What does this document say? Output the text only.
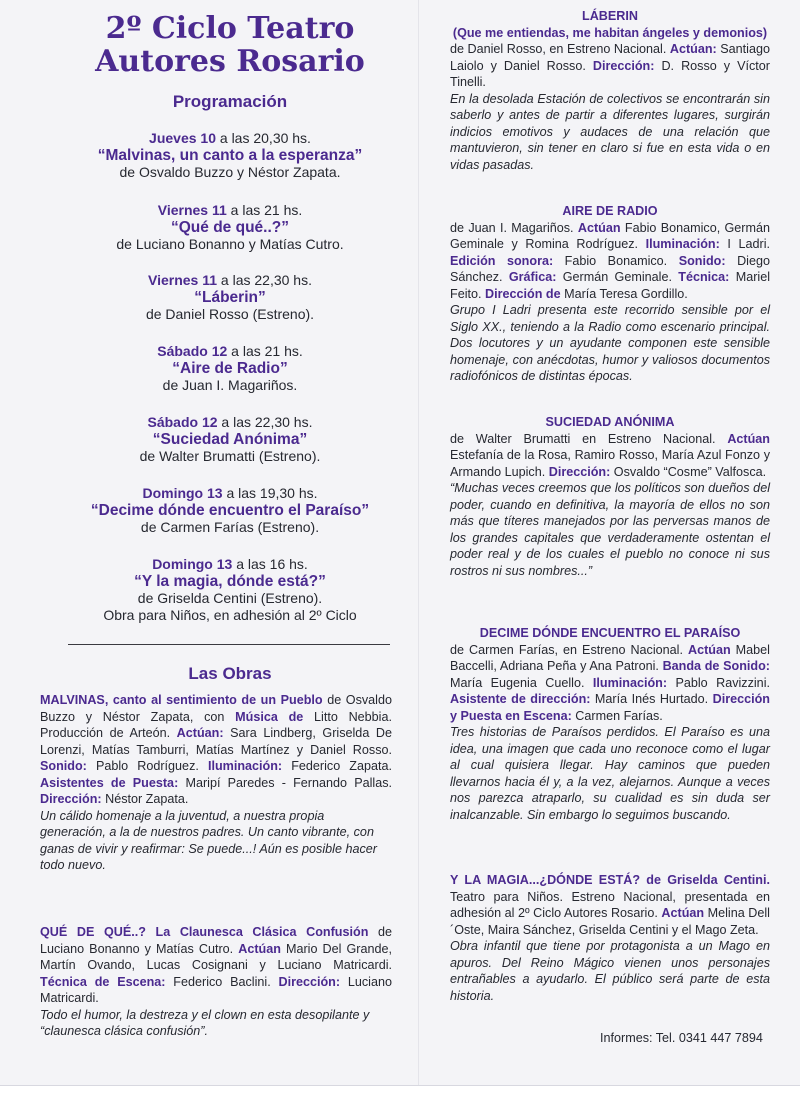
2º Ciclo Teatro
Autores Rosario
Programación
Jueves 10 a las 20,30 hs.
“Malvinas, un canto a la esperanza”
de Osvaldo Buzzo y Néstor Zapata.
Viernes 11 a las 21 hs.
“Qué de qué..?”
de Luciano Bonanno y Matías Cutro.
Viernes 11 a las 22,30 hs.
“Láberin”
de Daniel Rosso (Estreno).
Sábado 12 a las 21 hs.
“Aire de Radio”
de Juan I. Magariños.
Sábado 12 a las 22,30 hs.
“Suciedad Anónima”
de Walter Brumatti (Estreno).
Domingo 13 a las 19,30 hs.
“Decime dónde encuentro el Paraíso”
de Carmen Farías (Estreno).
Domingo 13 a las 16 hs.
“Y la magia, dónde está?”
de Griselda Centini (Estreno).
Obra para Niños, en adhesión al 2º Ciclo
Las Obras
MALVINAS, canto al sentimiento de un Pueblo de Osvaldo Buzzo y Néstor Zapata, con Música de Litto Nebbia. Producción de Arteón. Actúan: Sara Lindberg, Griselda De Lorenzi, Matías Tamburri, Matías Martínez y Daniel Rosso. Sonido: Pablo Rodríguez. Iluminación: Federico Zapata. Asistentes de Puesta: Maripí Paredes - Fernando Pallas. Dirección: Néstor Zapata.
Un cálido homenaje a la juventud, a nuestra propia generación, a la de nuestros padres. Un canto vibrante, con ganas de vivir y reafirmar: Se puede...! Aún es posible hacer todo nuevo.
QUÉ DE QUÉ..? La Claunesca Clásica Confusión de Luciano Bonanno y Matías Cutro. Actúan Mario Del Grande, Martín Ovando, Lucas Cosignani y Luciano Matricardi. Técnica de Escena: Federico Baclini. Dirección: Luciano Matricardi.
Todo el humor, la destreza y el clown en esta desopilante y “claunesca clásica confusión”.
LÁBERIN
(Que me entiendas, me habitan ángeles y demonios)
de Daniel Rosso, en Estreno Nacional. Actúan: Santiago Laiolo y Daniel Rosso. Dirección: D. Rosso y Víctor Tinelli.
En la desolada Estación de colectivos se encontrarán sin saberlo y antes de partir a diferentes lugares, surgirán indicios emotivos y audaces de una relación que mantuvieron, sin tener en claro si fue en esta vida o en vidas pasadas.
AIRE DE RADIO
de Juan I. Magariños. Actúan Fabio Bonamico, Germán Geminale y Romina Rodríguez. Iluminación: I Ladri. Edición sonora: Fabio Bonamico. Sonido: Diego Sánchez. Gráfica: Germán Geminale. Técnica: Mariel Feito. Dirección de María Teresa Gordillo.
Grupo I Ladri presenta este recorrido sensible por el Siglo XX., teniendo a la Radio como escenario principal. Dos locutores y un ayudante componen este sensible homenaje, con anécdotas, humor y valiosos documentos radiofónicos de distintas épocas.
SUCIEDAD ANÓNIMA
de Walter Brumatti en Estreno Nacional. Actúan Estefanía de la Rosa, Ramiro Rosso, María Azul Fonzo y Armando Lupich. Dirección: Osvaldo “Cosme” Valfosca.
“Muchas veces creemos que los políticos son dueños del poder, cuando en definitiva, la mayoría de ellos no son más que títeres manejados por las perversas manos de los grandes capitales que verdaderamente ostentan el poder real y de los cuales el pueblo no conoce ni sus rostros ni sus nombres...”
DECIME DÓNDE ENCUENTRO EL PARAÍSO
de Carmen Farías, en Estreno Nacional. Actúan Mabel Baccelli, Adriana Peña y Ana Patroni. Banda de Sonido: María Eugenia Cuello. Iluminación: Pablo Ravizzini. Asistente de dirección: María Inés Hurtado. Dirección y Puesta en Escena: Carmen Farías.
Tres historias de Paraísos perdidos. El Paraíso es una idea, una imagen que cada uno reconoce como el lugar al cual quisiera llegar. Hay caminos que pueden llevarnos hacia él y, a la vez, alejarnos. Aunque a veces nos parezca atraparlo, su cualidad es sin duda ser inalcanzable. Sin embargo lo seguimos buscando.
Y LA MAGIA...¿DÓNDE ESTÁ? de Griselda Centini. Teatro para Niños. Estreno Nacional, presentada en adhesión al 2º Ciclo Autores Rosario. Actúan Melina Dell´Oste, Maira Sánchez, Griselda Centini y el Mago Zeta.
Obra infantil que tiene por protagonista a un Mago en apuros. Del Reino Mágico vienen unos personajes entrañables a ayudarlo. El público será parte de esta historia.
Informes: Tel. 0341 447 7894
